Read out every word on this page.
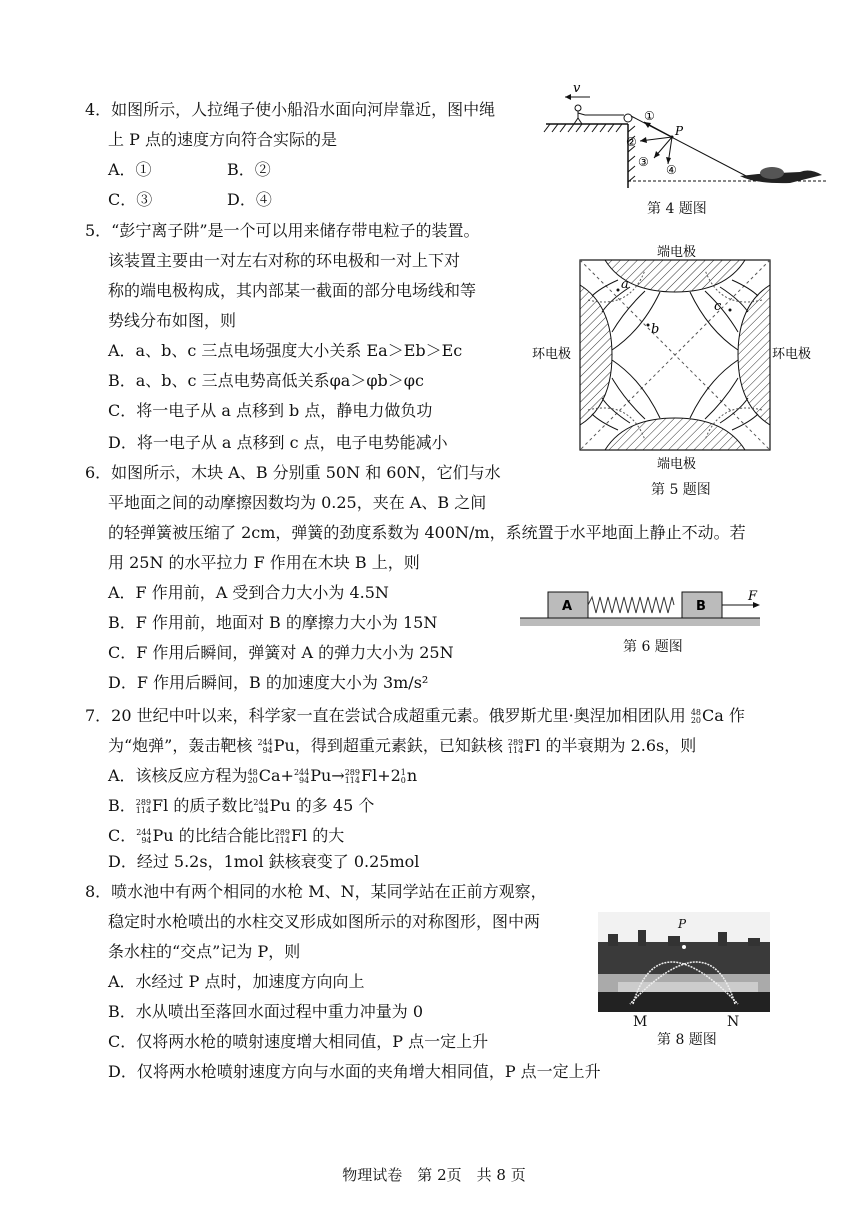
4．如图所示，人拉绳子使小船沿水面向河岸靠近，图中绳
上 P 点的速度方向符合实际的是
A．①	B．②
C．③	D．④
v
P
①
②
③
④
第 4 题图
5．“彭宁离子阱”是一个可以用来储存带电粒子的装置。
该装置主要由一对左右对称的环电极和一对上下对
称的端电极构成，其内部某一截面的部分电场线和等
势线分布如图，则
A．a、b、c 三点电场强度大小关系 Ea＞Eb＞Ec
B．a、b、c 三点电势高低关系φa＞φb＞φc
C．将一电子从 a 点移到 b 点，静电力做负功
D．将一电子从 a 点移到 c 点，电子电势能减小
a
b
c
端电极
端电极
环电极	环电极
第 5 题图
6．如图所示，木块 A、B 分别重 50N 和 60N，它们与水
平地面之间的动摩擦因数均为 0.25，夹在 A、B 之间
的轻弹簧被压缩了 2cm，弹簧的劲度系数为 400N/m，系统置于水平地面上静止不动。若
用 25N 的水平拉力 F 作用在木块 B 上，则
A．F 作用前，A 受到合力大小为 4.5N
B．F 作用前，地面对 B 的摩擦力大小为 15N
C．F 作用后瞬间，弹簧对 A 的弹力大小为 25N
D．F 作用后瞬间，B 的加速度大小为 3m/s²
A	B
F
第 6 题图
7．20 世纪中叶以来，科学家一直在尝试合成超重元素。俄罗斯尤里·奥涅加相团队用 48
20 Ca 作
为“炮弹”，轰击靶核 244
94 Pu，得到超重元素鈇，已知鈇核 289
114 Fl 的半衰期为 2.6s，则
A．该核反应方程为 48
20 Ca+ 244
94 Pu→ 289
114 Fl+2 1
0 n
B． 289
114 Fl 的质子数比 244
94 Pu 的多 45 个
C． 244
94 Pu 的比结合能比 289
114 Fl 的大
D．经过 5.2s，1mol 鈇核衰变了 0.25mol
8．喷水池中有两个相同的水枪 M、N，某同学站在正前方观察，
稳定时水枪喷出的水柱交叉形成如图所示的对称图形，图中两
条水柱的“交点”记为 P，则
A．水经过 P 点时，加速度方向向上
B．水从喷出至落回水面过程中重力冲量为 0
C．仅将两水枪的喷射速度增大相同值，P 点一定上升
D．仅将两水枪喷射速度方向与水面的夹角增大相同值，P 点一定上升
P
M	N
第 8 题图
物理试卷　第 2页　共 8 页
